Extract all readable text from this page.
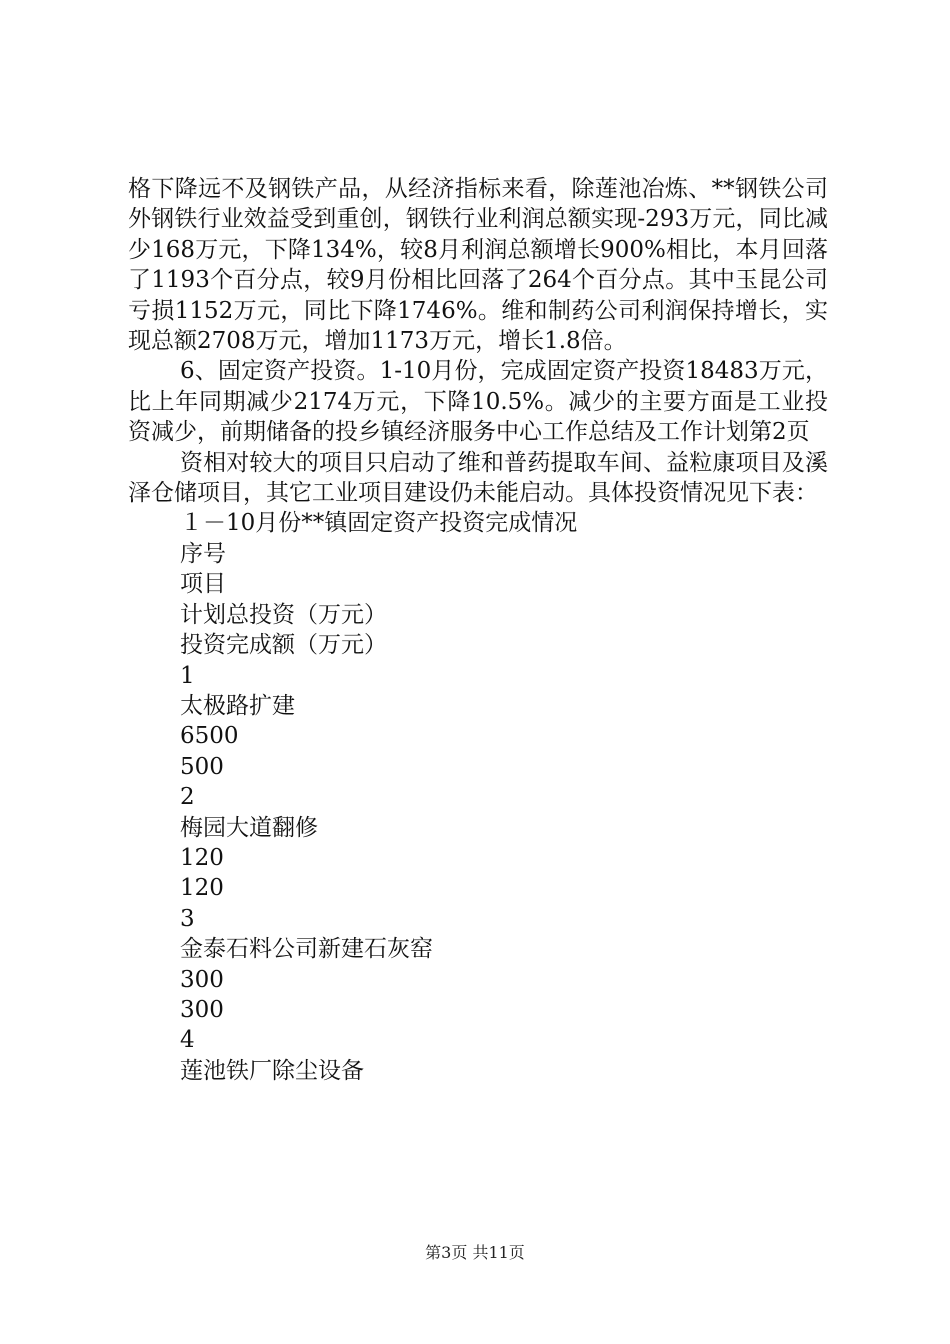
格下降远不及钢铁产品，从经济指标来看，除莲池冶炼、**钢铁公司外钢铁行业效益受到重创，钢铁行业利润总额实现-293万元，同比减少168万元，下降134%，较8月利润总额增长900%相比，本月回落了1193个百分点，较9月份相比回落了264个百分点。其中玉昆公司亏损1152万元，同比下降1746%。维和制药公司利润保持增长，实现总额2708万元，增加1173万元，增长1.8倍。

6、固定资产投资。1-10月份，完成固定资产投资18483万元，比上年同期减少2174万元，下降10.5%。减少的主要方面是工业投资减少，前期储备的投乡镇经济服务中心工作总结及工作计划第2页

资相对较大的项目只启动了维和普药提取车间、益粒康项目及溪泽仓储项目，其它工业项目建设仍未能启动。具体投资情况见下表：

１－10月份**镇固定资产投资完成情况

序号

项目

计划总投资（万元）

投资完成额（万元）

1

太极路扩建

6500

500

2

梅园大道翻修

120

120

3

金泰石料公司新建石灰窑

300

300

4

莲池铁厂除尘设备

第3页 共11页
